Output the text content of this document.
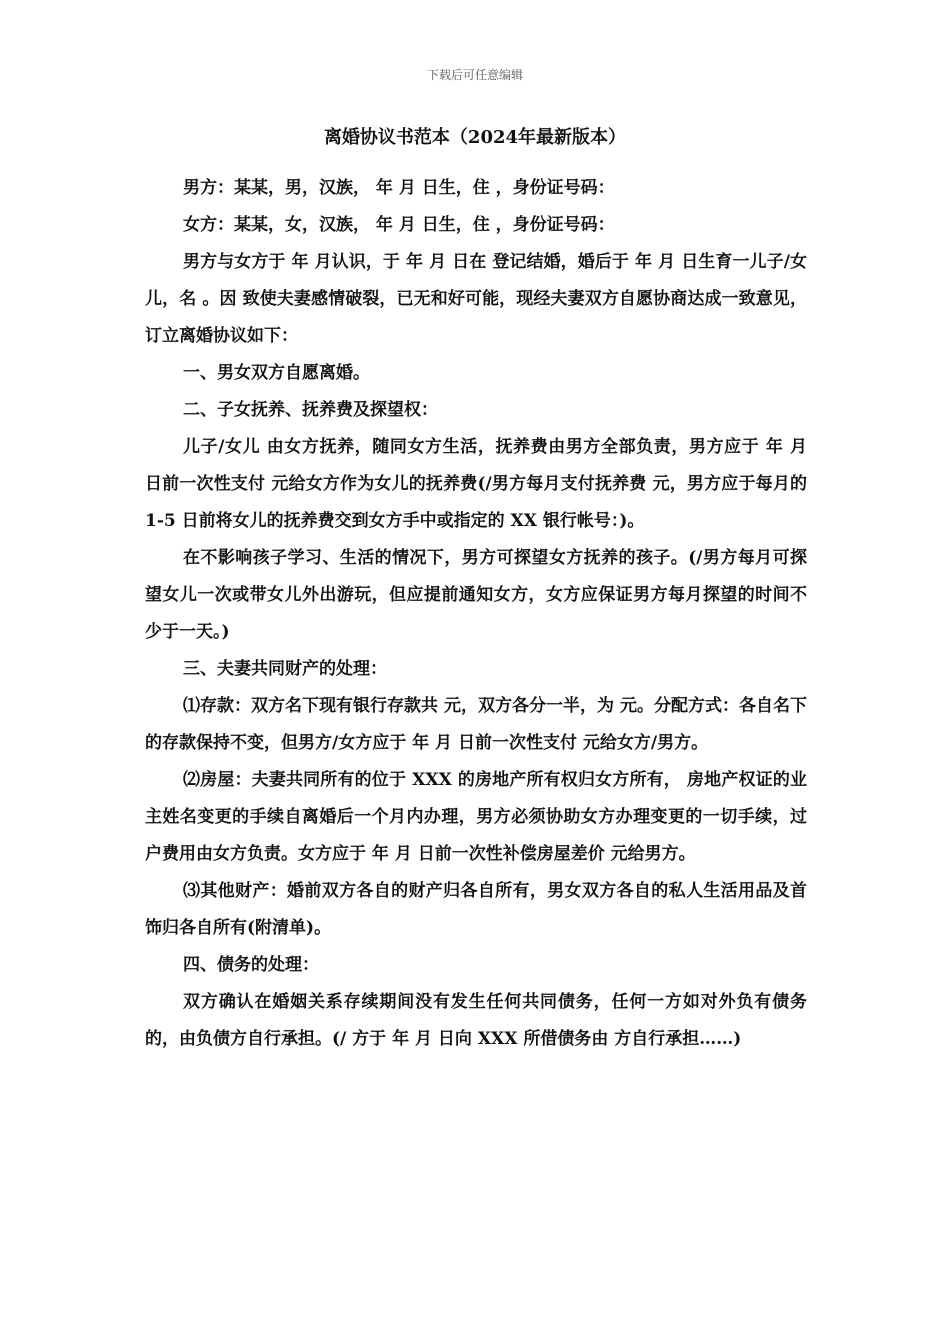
下载后可任意编辑
离婚协议书范本（2024年最新版本）

男方：某某，男，汉族， 年 月 日生，住 ，身份证号码：

女方：某某，女，汉族， 年 月 日生，住 ，身份证号码：

男方与女方于 年 月认识，于 年 月 日在 登记结婚，婚后于 年 月 日生育一儿子/女儿，名 。因 致使夫妻感情破裂，已无和好可能，现经夫妻双方自愿协商达成一致意见，订立离婚协议如下：

一、男女双方自愿离婚。

二、子女抚养、抚养费及探望权：

儿子/女儿 由女方抚养，随同女方生活，抚养费由男方全部负责，男方应于 年 月 日前一次性支付 元给女方作为女儿的抚养费(/男方每月支付抚养费 元，男方应于每月的 1-5 日前将女儿的抚养费交到女方手中或指定的 XX 银行帐号：)。

在不影响孩子学习、生活的情况下，男方可探望女方抚养的孩子。(/男方每月可探望女儿一次或带女儿外出游玩，但应提前通知女方，女方应保证男方每月探望的时间不少于一天。)

三、夫妻共同财产的处理：

⑴存款：双方名下现有银行存款共 元，双方各分一半，为 元。分配方式：各自名下的存款保持不变，但男方/女方应于 年 月 日前一次性支付 元给女方/男方。

⑵房屋：夫妻共同所有的位于 XXX 的房地产所有权归女方所有， 房地产权证的业主姓名变更的手续自离婚后一个月内办理，男方必须协助女方办理变更的一切手续，过户费用由女方负责。女方应于 年 月 日前一次性补偿房屋差价 元给男方。

⑶其他财产：婚前双方各自的财产归各自所有，男女双方各自的私人生活用品及首饰归各自所有(附清单)。

四、债务的处理：

双方确认在婚姻关系存续期间没有发生任何共同债务，任何一方如对外负有债务的，由负债方自行承担。(/ 方于 年 月 日向 XXX 所借债务由 方自行承担……)
